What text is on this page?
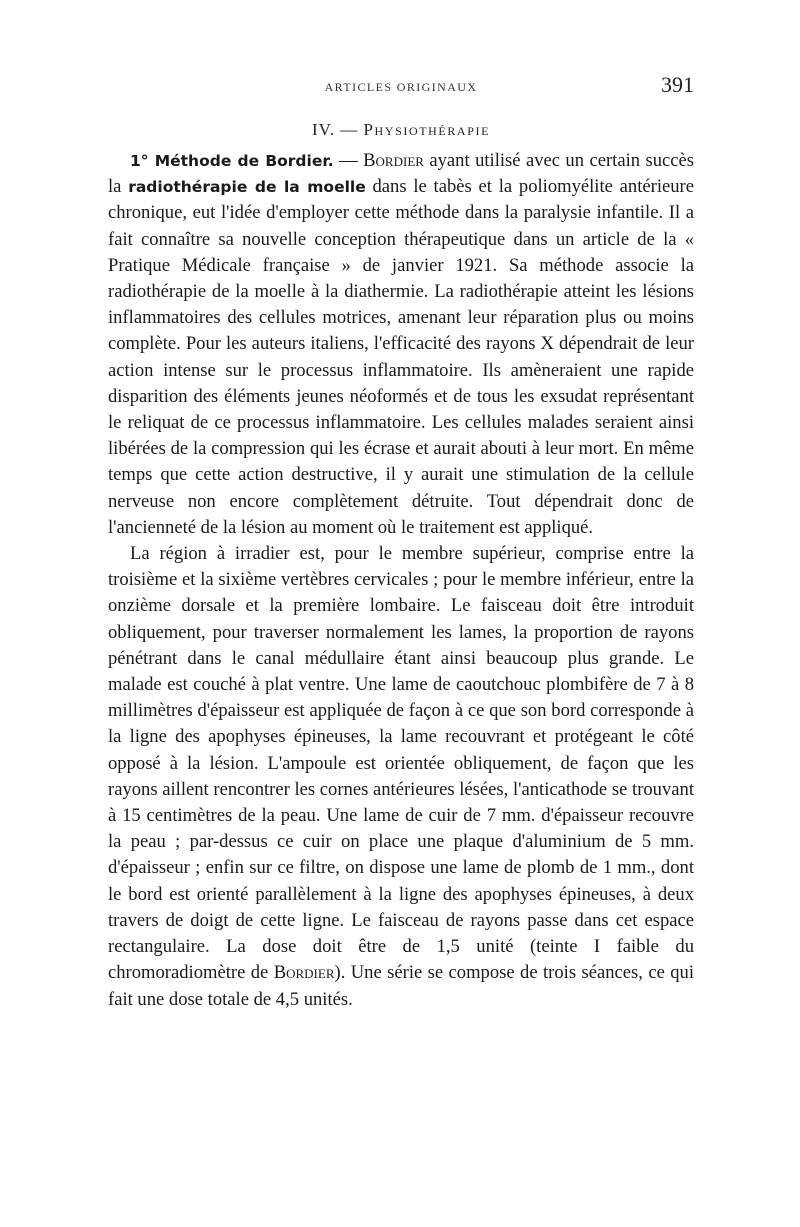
ARTICLES ORIGINAUX	391
IV. — Physiothérapie

1° Méthode de Bordier. — Bordier ayant utilisé avec un certain succès la radiothérapie de la moelle dans le tabès et la poliomyélite antérieure chronique, eut l'idée d'employer cette méthode dans la paralysie infantile. Il a fait connaître sa nouvelle conception thérapeutique dans un article de la « Pratique Médicale française » de janvier 1921. Sa méthode associe la radiothérapie de la moelle à la diathermie. La radiothérapie atteint les lésions inflammatoires des cellules motrices, amenant leur réparation plus ou moins complète. Pour les auteurs italiens, l'efficacité des rayons X dépendrait de leur action intense sur le processus inflammatoire. Ils amèneraient une rapide disparition des éléments jeunes néoformés et de tous les exsudat représentant le reliquat de ce processus inflammatoire. Les cellules malades seraient ainsi libérées de la compression qui les écrase et aurait abouti à leur mort. En même temps que cette action destructive, il y aurait une stimulation de la cellule nerveuse non encore complètement détruite. Tout dépendrait donc de l'ancienneté de la lésion au moment où le traitement est appliqué.

La région à irradier est, pour le membre supérieur, comprise entre la troisième et la sixième vertèbres cervicales ; pour le membre inférieur, entre la onzième dorsale et la première lombaire. Le faisceau doit être introduit obliquement, pour traverser normalement les lames, la proportion de rayons pénétrant dans le canal médullaire étant ainsi beaucoup plus grande. Le malade est couché à plat ventre. Une lame de caoutchouc plombifère de 7 à 8 millimètres d'épaisseur est appliquée de façon à ce que son bord corresponde à la ligne des apophyses épineuses, la lame recouvrant et protégeant le côté opposé à la lésion. L'ampoule est orientée obliquement, de façon que les rayons aillent rencontrer les cornes antérieures lésées, l'anticathode se trouvant à 15 centimètres de la peau. Une lame de cuir de 7 mm. d'épaisseur recouvre la peau ; par-dessus ce cuir on place une plaque d'aluminium de 5 mm. d'épaisseur ; enfin sur ce filtre, on dispose une lame de plomb de 1 mm., dont le bord est orienté parallèlement à la ligne des apophyses épineuses, à deux travers de doigt de cette ligne. Le faisceau de rayons passe dans cet espace rectangulaire. La dose doit être de 1,5 unité (teinte I faible du chromoradiomètre de Bordier). Une série se compose de trois séances, ce qui fait une dose totale de 4,5 unités.
